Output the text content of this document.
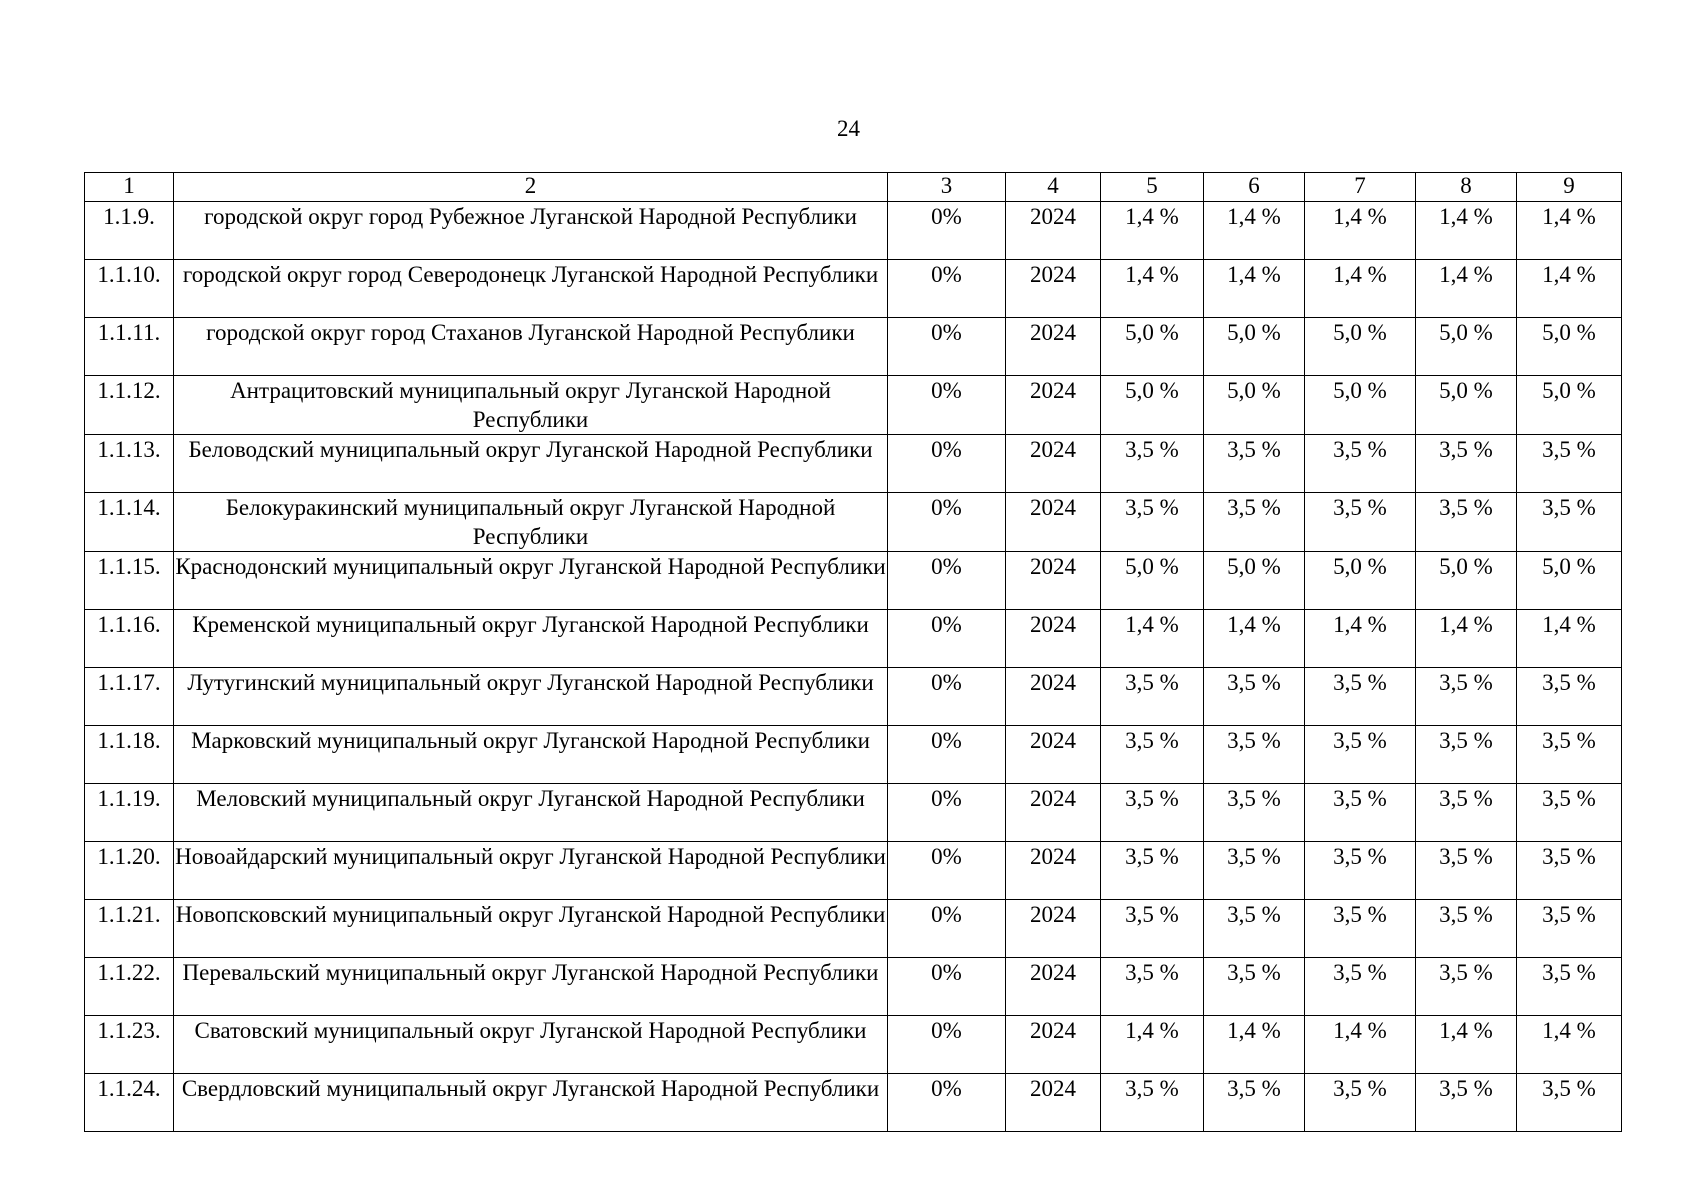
24
1	2	3	4	5	6	7	8	9
1.1.9.	городской округ город Рубежное Луганской Народной Республики	0%	2024	1,4 %	1,4 %	1,4 %	1,4 %	1,4 %
1.1.10.	городской округ город Северодонецк Луганской Народной Республики	0%	2024	1,4 %	1,4 %	1,4 %	1,4 %	1,4 %
1.1.11.	городской округ город Стаханов Луганской Народной Республики	0%	2024	5,0 %	5,0 %	5,0 %	5,0 %	5,0 %
1.1.12.	Антрацитовский муниципальный округ Луганской Народной Республики	0%	2024	5,0 %	5,0 %	5,0 %	5,0 %	5,0 %
1.1.13.	Беловодский муниципальный округ Луганской Народной Республики	0%	2024	3,5 %	3,5 %	3,5 %	3,5 %	3,5 %
1.1.14.	Белокуракинский муниципальный округ Луганской Народной Республики	0%	2024	3,5 %	3,5 %	3,5 %	3,5 %	3,5 %
1.1.15.	Краснодонский муниципальный округ Луганской Народной Республики	0%	2024	5,0 %	5,0 %	5,0 %	5,0 %	5,0 %
1.1.16.	Кременской муниципальный округ Луганской Народной Республики	0%	2024	1,4 %	1,4 %	1,4 %	1,4 %	1,4 %
1.1.17.	Лутугинский муниципальный округ Луганской Народной Республики	0%	2024	3,5 %	3,5 %	3,5 %	3,5 %	3,5 %
1.1.18.	Марковский муниципальный округ Луганской Народной Республики	0%	2024	3,5 %	3,5 %	3,5 %	3,5 %	3,5 %
1.1.19.	Меловский муниципальный округ Луганской Народной Республики	0%	2024	3,5 %	3,5 %	3,5 %	3,5 %	3,5 %
1.1.20.	Новоайдарский муниципальный округ Луганской Народной Республики	0%	2024	3,5 %	3,5 %	3,5 %	3,5 %	3,5 %
1.1.21.	Новопсковский муниципальный округ Луганской Народной Республики	0%	2024	3,5 %	3,5 %	3,5 %	3,5 %	3,5 %
1.1.22.	Перевальский муниципальный округ Луганской Народной Республики	0%	2024	3,5 %	3,5 %	3,5 %	3,5 %	3,5 %
1.1.23.	Сватовский муниципальный округ Луганской Народной Республики	0%	2024	1,4 %	1,4 %	1,4 %	1,4 %	1,4 %
1.1.24.	Свердловский муниципальный округ Луганской Народной Республики	0%	2024	3,5 %	3,5 %	3,5 %	3,5 %	3,5 %
